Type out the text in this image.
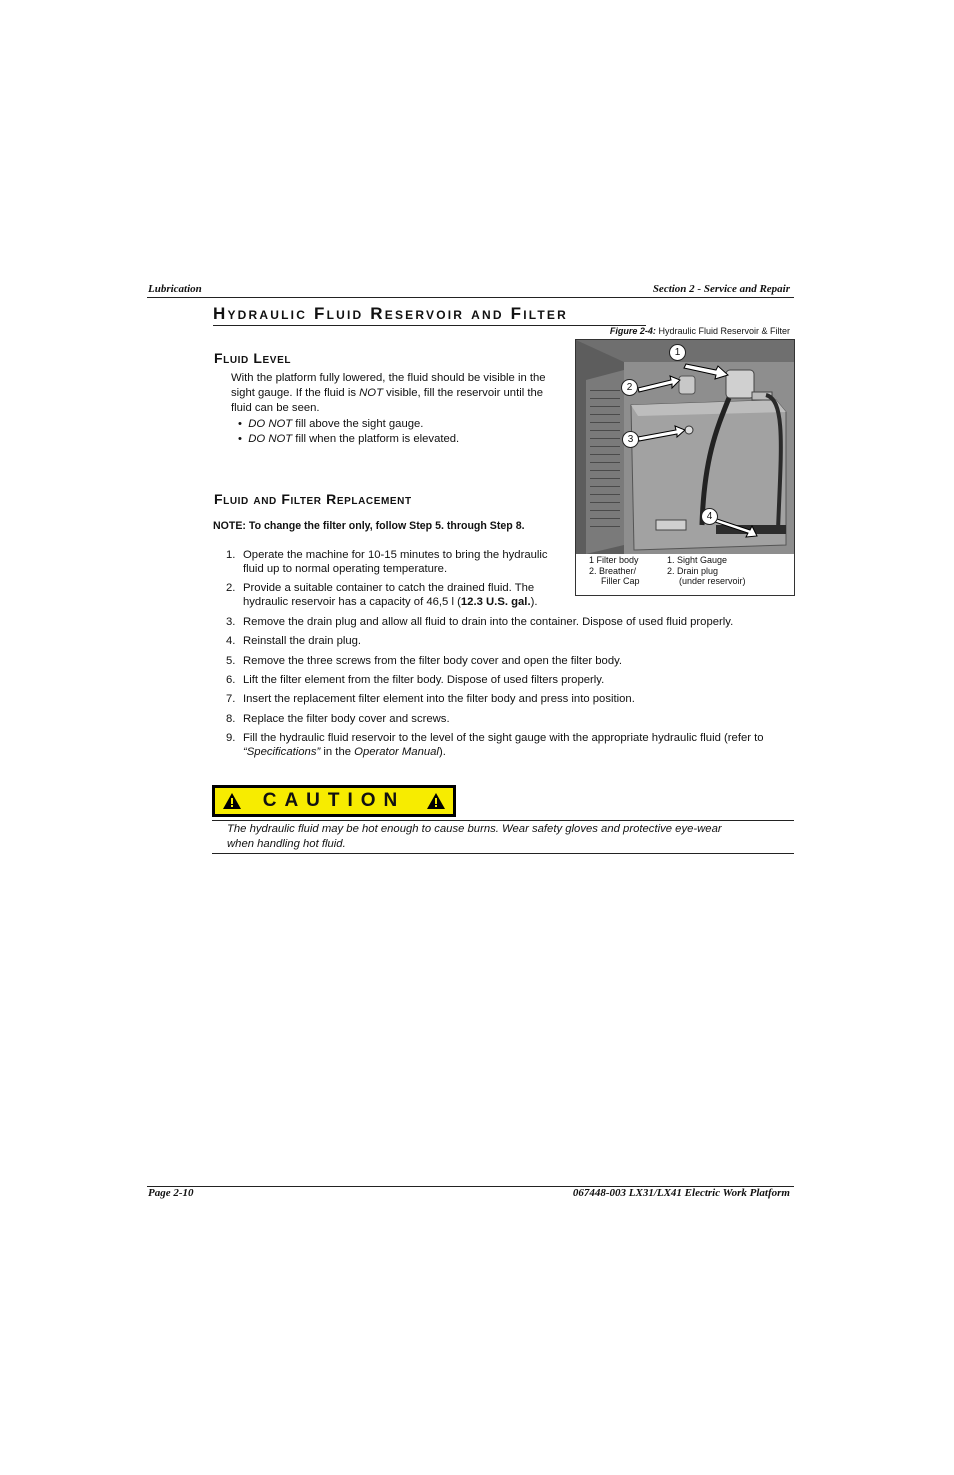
Lubrication	Section 2 - Service and Repair
Hydraulic Fluid Reservoir and Filter
Figure 2-4: Hydraulic Fluid Reservoir & Filter
1
2
3
4
1 Filter body
2. Breather/
Filler Cap
1. Sight Gauge
2. Drain plug
(under reservoir)
Fluid Level
With the platform fully lowered, the fluid should be visible in the
sight gauge. If the fluid is NOT visible, fill the reservoir until the
fluid can be seen.
•  DO NOT fill above the sight gauge.
•  DO NOT fill when the platform is elevated.
Fluid and Filter Replacement
NOTE: To change the filter only, follow Step 5. through Step 8.
1. Operate the machine for 10-15 minutes to bring the hydraulic
fluid up to normal operating temperature.
2. Provide a suitable container to catch the drained fluid. The
hydraulic reservoir has a capacity of 46,5 l (12.3 U.S. gal.).
3. Remove the drain plug and allow all fluid to drain into the container. Dispose of used fluid properly.
4. Reinstall the drain plug.
5. Remove the three screws from the filter body cover and open the filter body.
6. Lift the filter element from the filter body. Dispose of used filters properly.
7. Insert the replacement filter element into the filter body and press into position.
8. Replace the filter body cover and screws.
9. Fill the hydraulic fluid reservoir to the level of the sight gauge with the appropriate hydraulic fluid (refer to
“Specifications” in the Operator Manual).
CAUTION
The hydraulic fluid may be hot enough to cause burns. Wear safety gloves and protective eye-wear
when handling hot fluid.
Page 2-10	067448-003 LX31/LX41 Electric Work Platform
